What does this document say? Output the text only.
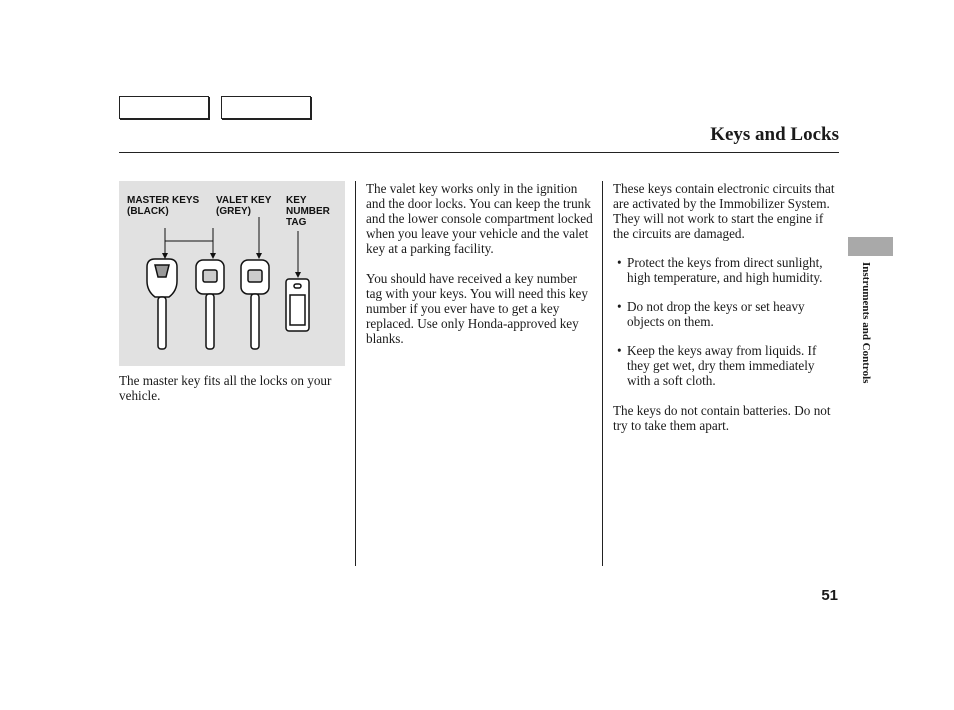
Keys and Locks
MASTER KEYS
(BLACK)
VALET KEY
(GREY)
KEY
NUMBER
TAG

The master key fits all the locks on your vehicle.

The valet key works only in the ignition and the door locks. You can keep the trunk and the lower console compartment locked when you leave your vehicle and the valet key at a parking facility.

You should have received a key number tag with your keys. You will need this key number if you ever have to get a key replaced. Use only Honda-approved key blanks.

These keys contain electronic circuits that are activated by the Immobilizer System. They will not work to start the engine if the circuits are damaged.

• Protect the keys from direct sunlight, high temperature, and high humidity.

• Do not drop the keys or set heavy objects on them.

• Keep the keys away from liquids. If they get wet, dry them immediately with a soft cloth.

The keys do not contain batteries. Do not try to take them apart.

Instruments and Controls
51
